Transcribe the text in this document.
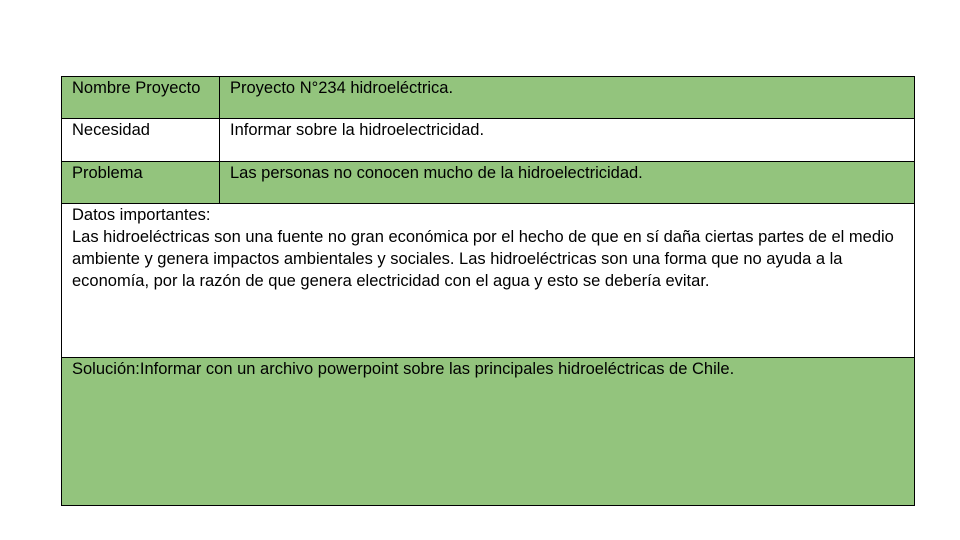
Nombre Proyecto	Proyecto N°234 hidroeléctrica.

Necesidad	Informar sobre la hidroelectricidad.

Problema	Las personas no conocen mucho de la hidroelectricidad.

Datos importantes:
Las hidroeléctricas son una fuente no gran económica por el hecho de que en sí daña ciertas partes de el medio ambiente y genera impactos ambientales y sociales. Las hidroeléctricas son una forma que no ayuda a la economía, por la razón de que genera electricidad con el agua y esto se debería evitar.	

Solución:Informar con un archivo powerpoint sobre las principales hidroeléctricas de Chile.	
